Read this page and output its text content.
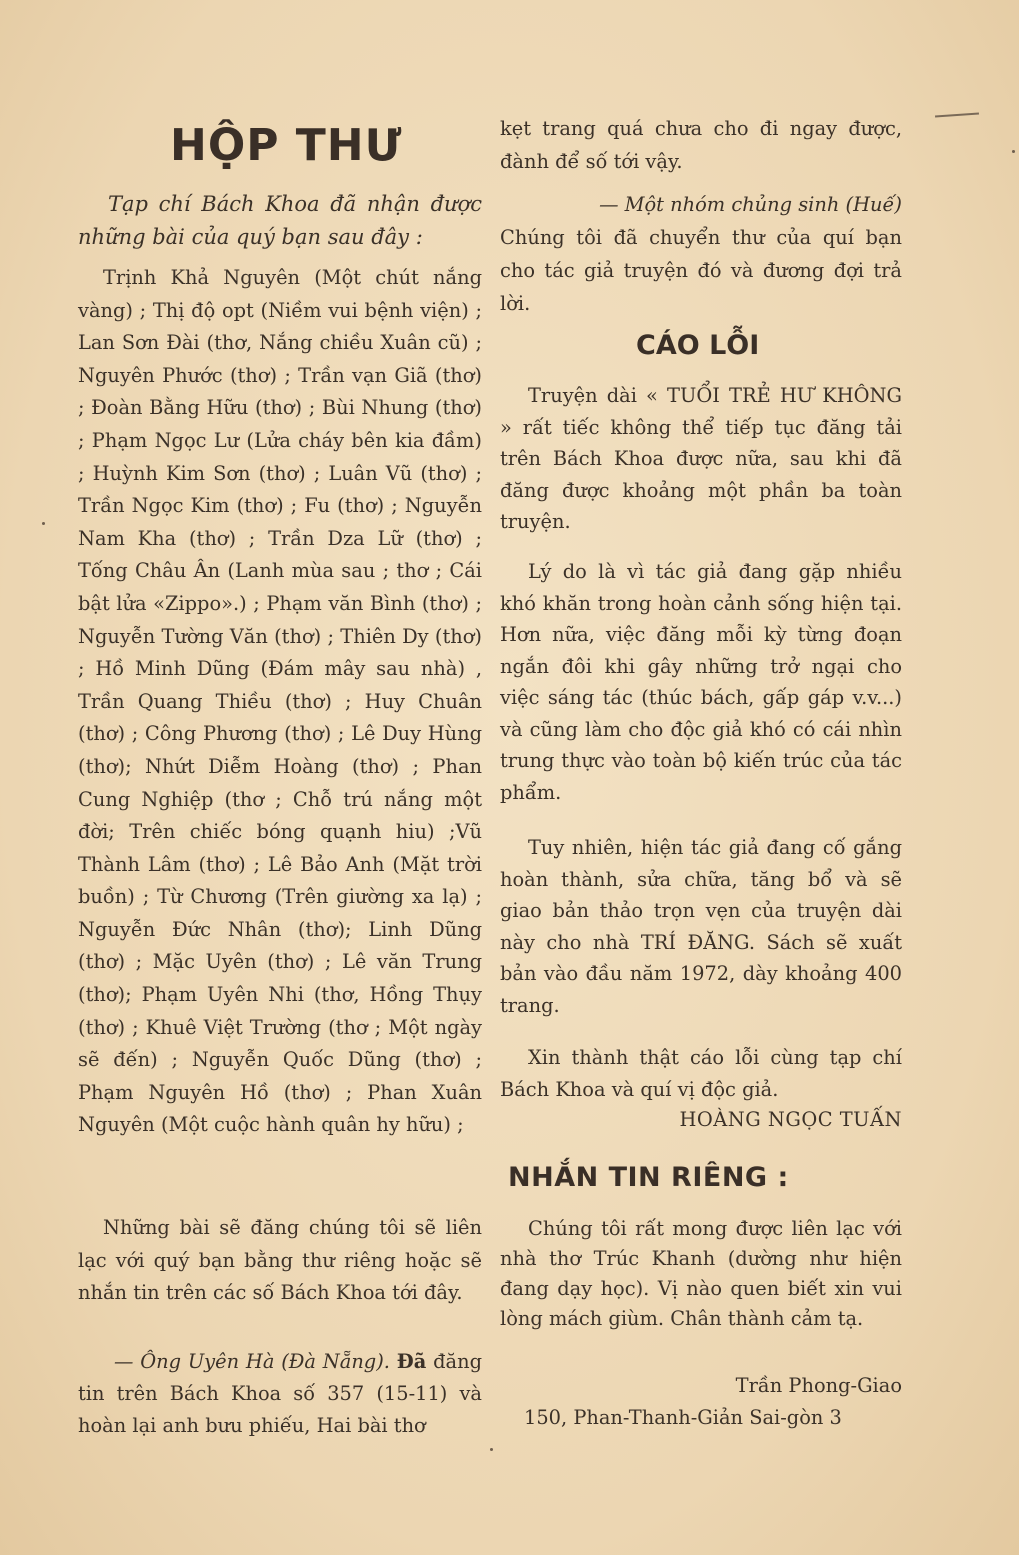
HỘP THƯ

Tạp chí Bách Khoa đã nhận được những bài của quý bạn sau đây :

Trịnh Khả Nguyên (Một chút nắng vàng) ; Thị độ opt (Niềm vui bệnh viện) ; Lan Sơn Đài (thơ, Nắng chiều Xuân cũ) ; Nguyên Phước (thơ) ; Trần vạn Giã (thơ) ; Đoàn Bằng Hữu (thơ) ; Bùi Nhung (thơ) ; Phạm Ngọc Lư (Lửa cháy bên kia đầm) ; Huỳnh Kim Sơn (thơ) ; Luân Vũ (thơ) ; Trần Ngọc Kim (thơ) ; Fu (thơ) ; Nguyễn Nam Kha (thơ) ; Trần Dza Lữ (thơ) ; Tống Châu Ân (Lanh mùa sau ; thơ ; Cái bật lửa «Zippo».) ; Phạm văn Bình (thơ) ; Nguyễn Tường Văn (thơ) ; Thiên Dy (thơ) ; Hồ Minh Dũng (Đám mây sau nhà) , Trần Quang Thiều (thơ) ; Huy Chuân (thơ) ; Công Phương (thơ) ; Lê Duy Hùng (thơ); Nhứt Diễm Hoàng (thơ) ; Phan Cung Nghiệp (thơ ; Chỗ trú nắng một đời; Trên chiếc bóng quạnh hiu) ;Vũ Thành Lâm (thơ) ; Lê Bảo Anh (Mặt trời buồn) ; Từ Chương (Trên giường xa lạ) ; Nguyễn Đức Nhân (thơ); Linh Dũng (thơ) ; Mặc Uyên (thơ) ; Lê văn Trung (thơ); Phạm Uyên Nhi (thơ, Hồng Thụy (thơ) ; Khuê Việt Trường (thơ ; Một ngày sẽ đến) ; Nguyễn Quốc Dũng (thơ) ; Phạm Nguyên Hồ (thơ) ; Phan Xuân Nguyên (Một cuộc hành quân hy hữu) ;

Những bài sẽ đăng chúng tôi sẽ liên lạc với quý bạn bằng thư riêng hoặc sẽ nhắn tin trên các số Bách Khoa tới đây.

— Ông Uyên Hà (Đà Nẵng). Đã đăng tin trên Bách Khoa số 357 (15-11) và hoàn lại anh bưu phiếu, Hai bài thơ

kẹt trang quá chưa cho đi ngay được, đành để số tới vậy.

— Một nhóm chủng sinh (Huế)

Chúng tôi đã chuyển thư của quí bạn cho tác giả truyện đó và đương đợi trả lời.

CÁO LỖI

Truyện dài « TUỔI TRẺ HƯ KHÔNG » rất tiếc không thể tiếp tục đăng tải trên Bách Khoa được nữa, sau khi đã đăng được khoảng một phần ba toàn truyện.

Lý do là vì tác giả đang gặp nhiều khó khăn trong hoàn cảnh sống hiện tại. Hơn nữa, việc đăng mỗi kỳ từng đoạn ngắn đôi khi gây những trở ngại cho việc sáng tác (thúc bách, gấp gáp v.v...) và cũng làm cho độc giả khó có cái nhìn trung thực vào toàn bộ kiến trúc của tác phẩm.

Tuy nhiên, hiện tác giả đang cố gắng hoàn thành, sửa chữa, tăng bổ và sẽ giao bản thảo trọn vẹn của truyện dài này cho nhà TRÍ ĐĂNG. Sách sẽ xuất bản vào đầu năm 1972, dày khoảng 400 trang.

Xin thành thật cáo lỗi cùng tạp chí Bách Khoa và quí vị độc giả.

HOÀNG NGỌC TUẤN
NHẮN TIN RIÊNG :

Chúng tôi rất mong được liên lạc với nhà thơ Trúc Khanh (dường như hiện đang dạy học). Vị nào quen biết xin vui lòng mách giùm. Chân thành cảm tạ.

Trần Phong-Giao
150, Phan-Thanh-Giản Sai-gòn 3
